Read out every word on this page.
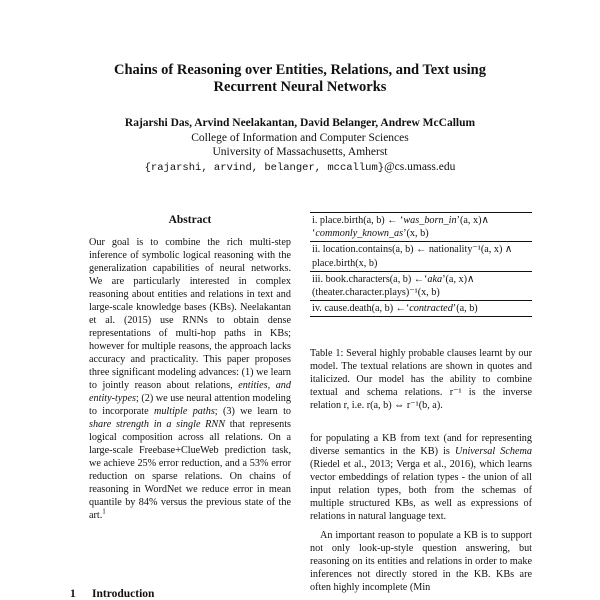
Chains of Reasoning over Entities, Relations, and Text using
Recurrent Neural Networks
Rajarshi Das, Arvind Neelakantan, David Belanger, Andrew McCallum
College of Information and Computer Sciences
University of Massachusetts, Amherst
{rajarshi, arvind, belanger, mccallum}@cs.umass.edu
Abstract

Our goal is to combine the rich multi-step inference of symbolic logical reasoning with the generalization capabilities of neural networks. We are particularly interested in complex reasoning about entities and relations in text and large-scale knowledge bases (KBs). Neelakantan et al. (2015) use RNNs to obtain dense representations of multi-hop paths in KBs; however for multiple reasons, the approach lacks accuracy and practicality. This paper proposes three significant modeling advances: (1) we learn to jointly reason about relations, entities, and entity-types; (2) we use neural attention modeling to incorporate multiple paths; (3) we learn to share strength in a single RNN that represents logical composition across all relations. On a large-scale Freebase+ClueWeb prediction task, we achieve 25% error reduction, and a 53% error reduction on sparse relations. On chains of reasoning in WordNet we reduce error in mean quantile by 84% versus the previous state of the art.$^1$

1 Introduction
i. place.birth(a, b) ← ‘was_born_in’(a, x)∧ ‘commonly_known_as’(x, b)
ii. location.contains(a, b) ← nationality⁻¹(a, x) ∧ place.birth(x, b)
iii. book.characters(a, b) ←‘aka’(a, x)∧ (theater.character.plays)⁻¹(x, b)
iv. cause.death(a, b) ←‘contracted’(a, b)
Table 1: Several highly probable clauses learnt by our model. The textual relations are shown in quotes and italicized. Our model has the ability to combine textual and schema relations. r⁻¹ is the inverse relation r, i.e. r(a, b) ⇔ r⁻¹(b, a).

for populating a KB from text (and for representing diverse semantics in the KB) is Universal Schema (Riedel et al., 2013; Verga et al., 2016), which learns vector embeddings of relation types - the union of all input relation types, both from the schemas of multiple structured KBs, as well as expressions of relations in natural language text.

An important reason to populate a KB is to support not only look-up-style question answering, but reasoning on its entities and relations in order to make inferences not directly stored in the KB. KBs are often highly incomplete (Min
